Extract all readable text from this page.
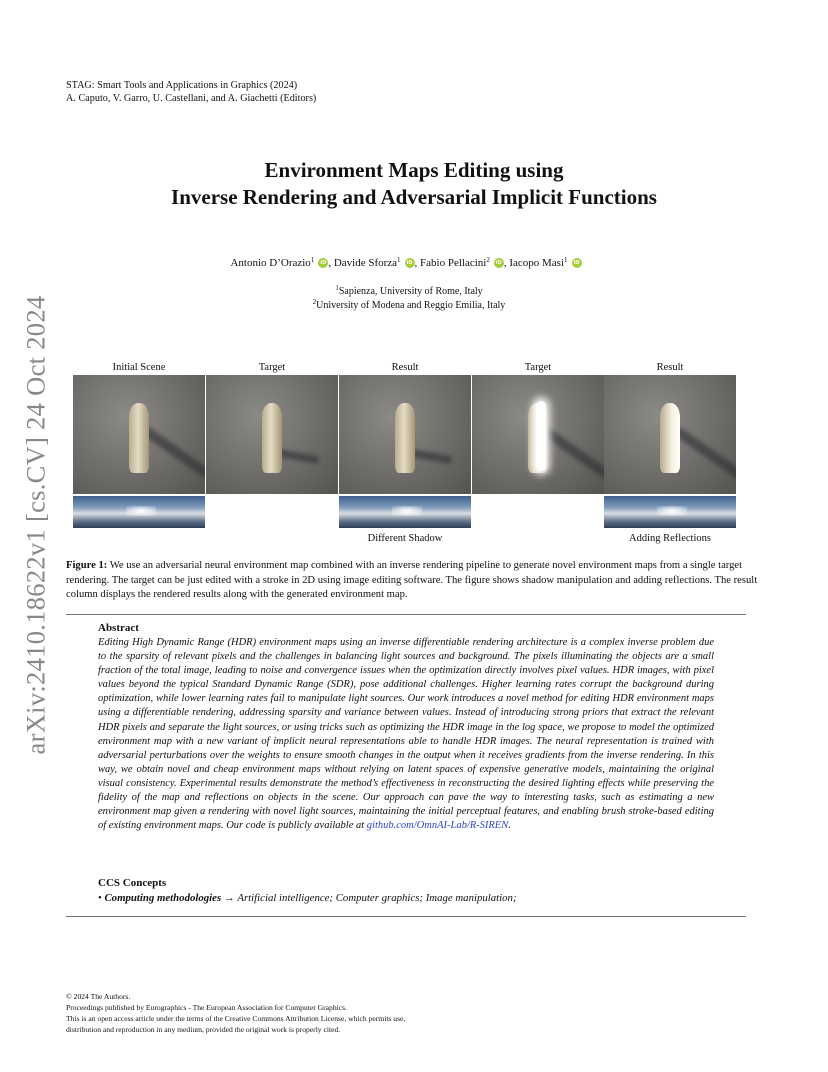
STAG: Smart Tools and Applications in Graphics (2024)
A. Caputo, V. Garro, U. Castellani, and A. Giachetti (Editors)
arXiv:2410.18622v1 [cs.CV] 24 Oct 2024
Environment Maps Editing using
Inverse Rendering and Adversarial Implicit Functions
Antonio D’Orazio$^1$ iD , Davide Sforza$^1$ iD , Fabio Pellacini$^2$ iD , Iacopo Masi$^1$ iD
$^1$Sapienza, University of Rome, Italy
$^2$University of Modena and Reggio Emilia, Italy
Initial Scene	Target	Result	Target	Result
Different Shadow	Adding Reflections
Figure 1: We use an adversarial neural environment map combined with an inverse rendering pipeline to generate novel environment maps from a single target rendering. The target can be just edited with a stroke in 2D using image editing software. The figure shows shadow manipulation and adding reflections. The result column displays the rendered results along with the generated environment map.
Abstract
Editing High Dynamic Range (HDR) environment maps using an inverse differentiable rendering architecture is a complex inverse problem due to the sparsity of relevant pixels and the challenges in balancing light sources and background. The pixels illuminating the objects are a small fraction of the total image, leading to noise and convergence issues when the optimization directly involves pixel values. HDR images, with pixel values beyond the typical Standard Dynamic Range (SDR), pose additional challenges. Higher learning rates corrupt the background during optimization, while lower learning rates fail to manipulate light sources. Our work introduces a novel method for editing HDR environment maps using a differentiable rendering, addressing sparsity and variance between values. Instead of introducing strong priors that extract the relevant HDR pixels and separate the light sources, or using tricks such as optimizing the HDR image in the log space, we propose to model the optimized environment map with a new variant of implicit neural representations able to handle HDR images. The neural representation is trained with adversarial perturbations over the weights to ensure smooth changes in the output when it receives gradients from the inverse rendering. In this way, we obtain novel and cheap environment maps without relying on latent spaces of expensive generative models, maintaining the original visual consistency. Experimental results demonstrate the method’s effectiveness in reconstructing the desired lighting effects while preserving the fidelity of the map and reflections on objects in the scene. Our approach can pave the way to interesting tasks, such as estimating a new environment map given a rendering with novel light sources, maintaining the initial perceptual features, and enabling brush stroke-based editing of existing environment maps. Our code is publicly available at github.com/OmnAI-Lab/R-SIREN.
CCS Concepts
• Computing methodologies → Artificial intelligence; Computer graphics; Image manipulation;
© 2024 The Authors.
Proceedings published by Eurographics - The European Association for Computer Graphics.
This is an open access article under the terms of the Creative Commons Attribution License, which permits use, distribution and reproduction in any medium, provided the original work is properly cited.
